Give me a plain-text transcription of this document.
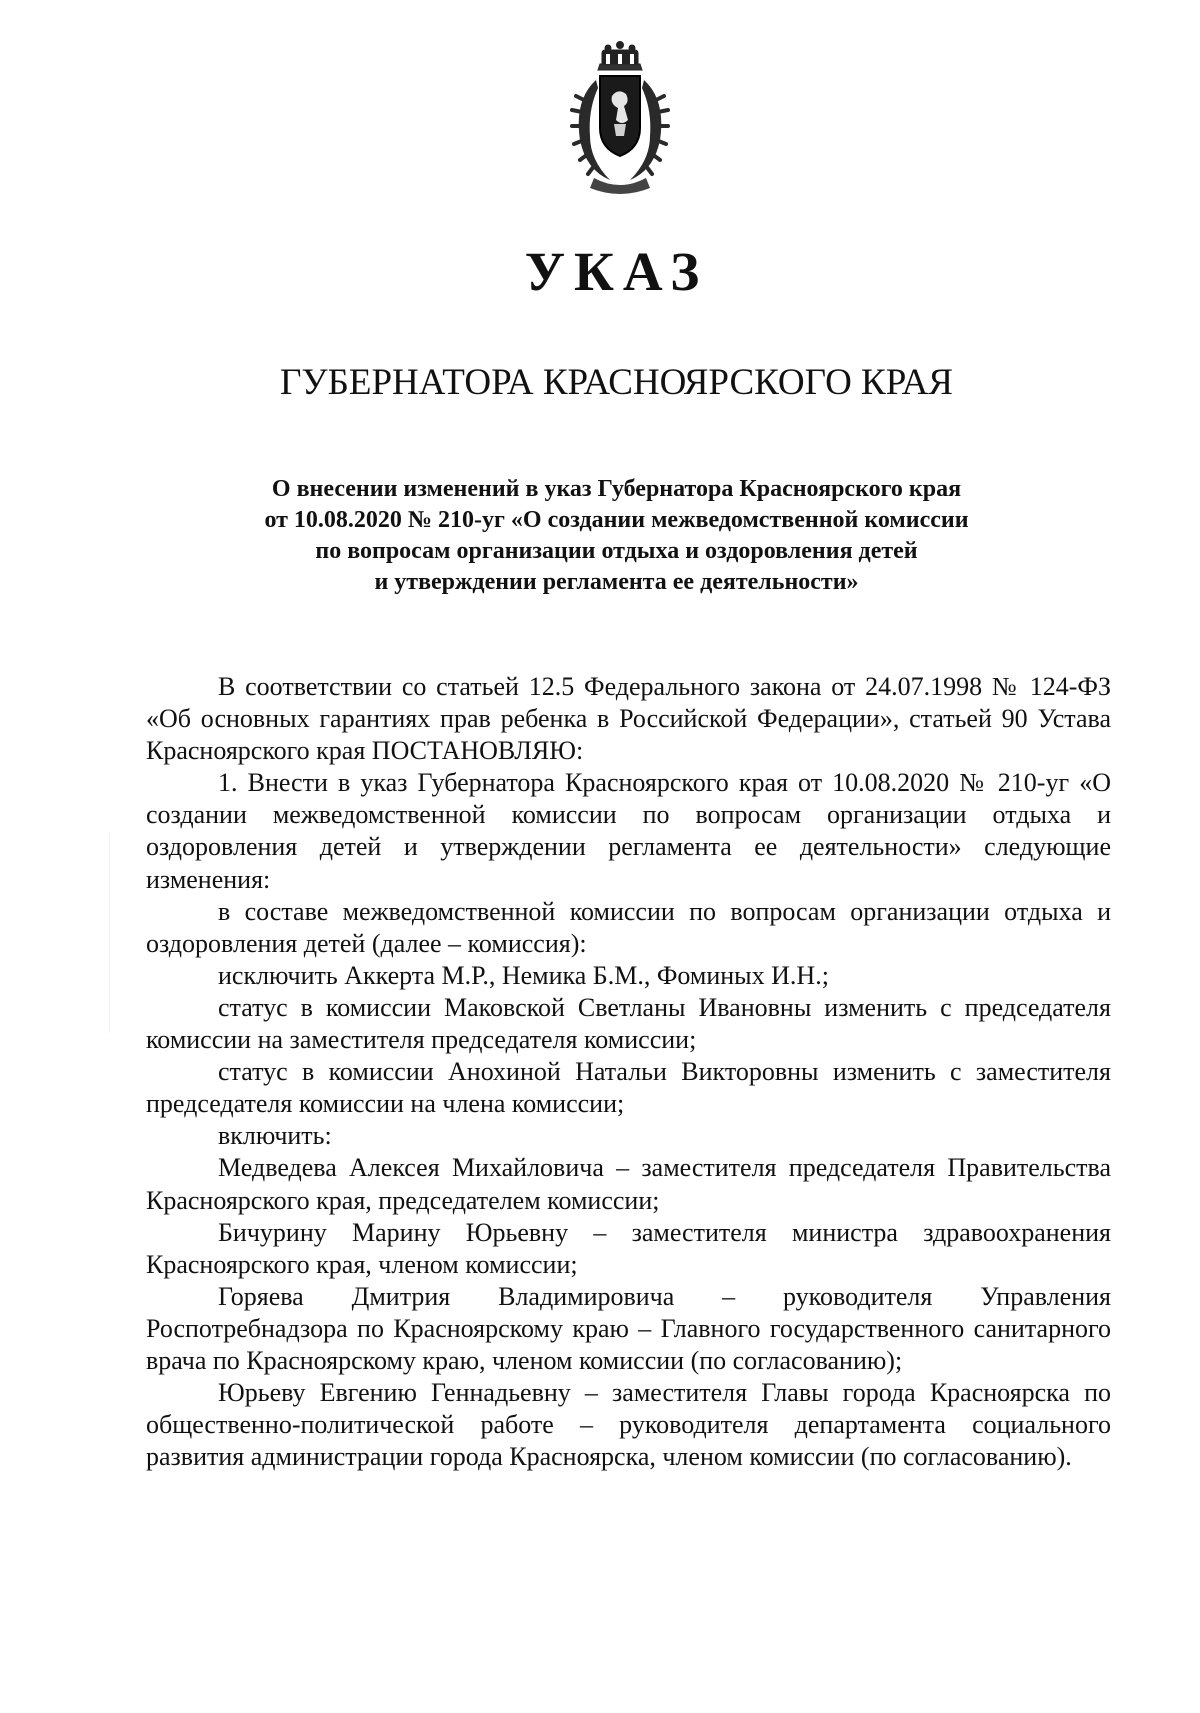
УКАЗ
ГУБЕРНАТОРА КРАСНОЯРСКОГО КРАЯ
О внесении изменений в указ Губернатора Красноярского края
от 10.08.2020 № 210-уг «О создании межведомственной комиссии
по вопросам организации отдыха и оздоровления детей
и утверждении регламента ее деятельности»

В соответствии со статьей 12.5 Федерального закона от 24.07.1998 № 124-ФЗ «Об основных гарантиях прав ребенка в Российской Федерации», статьей 90 Устава Красноярского края ПОСТАНОВЛЯЮ:

1. Внести в указ Губернатора Красноярского края от 10.08.2020 № 210-уг «О создании межведомственной комиссии по вопросам организации отдыха и оздоровления детей и утверждении регламента ее деятельности» следующие изменения:

в составе межведомственной комиссии по вопросам организации отдыха и оздоровления детей (далее – комиссия):

исключить Аккерта М.Р., Немика Б.М., Фоминых И.Н.;

статус в комиссии Маковской Светланы Ивановны изменить с председателя комиссии на заместителя председателя комиссии;

статус в комиссии Анохиной Натальи Викторовны изменить с заместителя председателя комиссии на члена комиссии;

включить:

Медведева Алексея Михайловича – заместителя председателя Правительства Красноярского края, председателем комиссии;

Бичурину Марину Юрьевну – заместителя министра здравоохранения Красноярского края, членом комиссии;

Горяева Дмитрия Владимировича – руководителя Управления Роспотребнадзора по Красноярскому краю – Главного государственного санитарного врача по Красноярскому краю, членом комиссии (по согласованию);

Юрьеву Евгению Геннадьевну – заместителя Главы города Красноярска по общественно-политической работе – руководителя департамента социального развития администрации города Красноярска, членом комиссии (по согласованию).
